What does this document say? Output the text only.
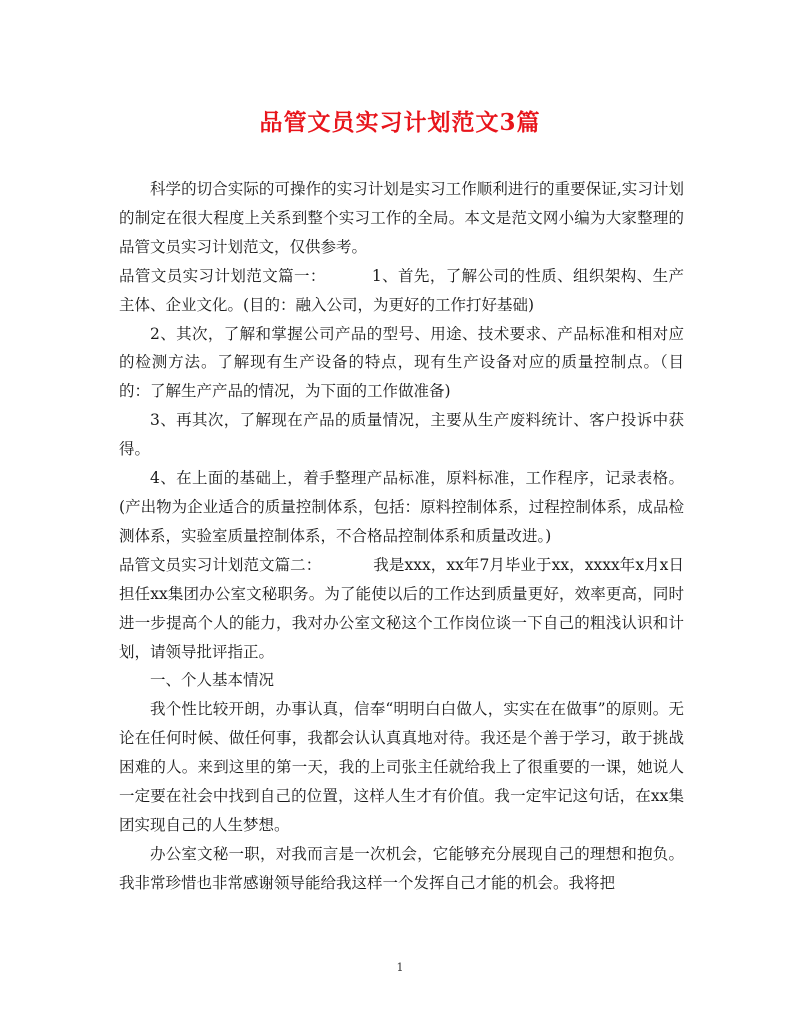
品管文员实习计划范文3篇

科学的切合实际的可操作的实习计划是实习工作顺利进行的重要保证,实习计划的制定在很大程度上关系到整个实习工作的全局。本文是范文网小编为大家整理的品管文员实习计划范文，仅供参考。

品管文员实习计划范文篇一：	1、首先，了解公司的性质、组织架构、生产主体、企业文化。(目的：融入公司，为更好的工作打好基础)

2、其次，了解和掌握公司产品的型号、用途、技术要求、产品标准和相对应的检测方法。了解现有生产设备的特点，现有生产设备对应的质量控制点。（目的：了解生产产品的情况，为下面的工作做准备)

3、再其次，了解现在产品的质量情况，主要从生产废料统计、客户投诉中获得。

4、在上面的基础上，着手整理产品标准，原料标准，工作程序，记录表格。(产出物为企业适合的质量控制体系，包括：原料控制体系，过程控制体系，成品检测体系，实验室质量控制体系，不合格品控制体系和质量改进。)

品管文员实习计划范文篇二：	我是xxx，xx年7月毕业于xx，xxxx年x月x日担任xx集团办公室文秘职务。为了能使以后的工作达到质量更好，效率更高，同时进一步提高个人的能力，我对办公室文秘这个工作岗位谈一下自己的粗浅认识和计划，请领导批评指正。

一、个人基本情况

我个性比较开朗，办事认真，信奉“明明白白做人，实实在在做事”的原则。无论在任何时候、做任何事，我都会认认真真地对待。我还是个善于学习，敢于挑战困难的人。来到这里的第一天，我的上司张主任就给我上了很重要的一课，她说人一定要在社会中找到自己的位置，这样人生才有价值。我一定牢记这句话，在xx集团实现自己的人生梦想。

办公室文秘一职，对我而言是一次机会，它能够充分展现自己的理想和抱负。我非常珍惜也非常感谢领导能给我这样一个发挥自己才能的机会。我将把

1
